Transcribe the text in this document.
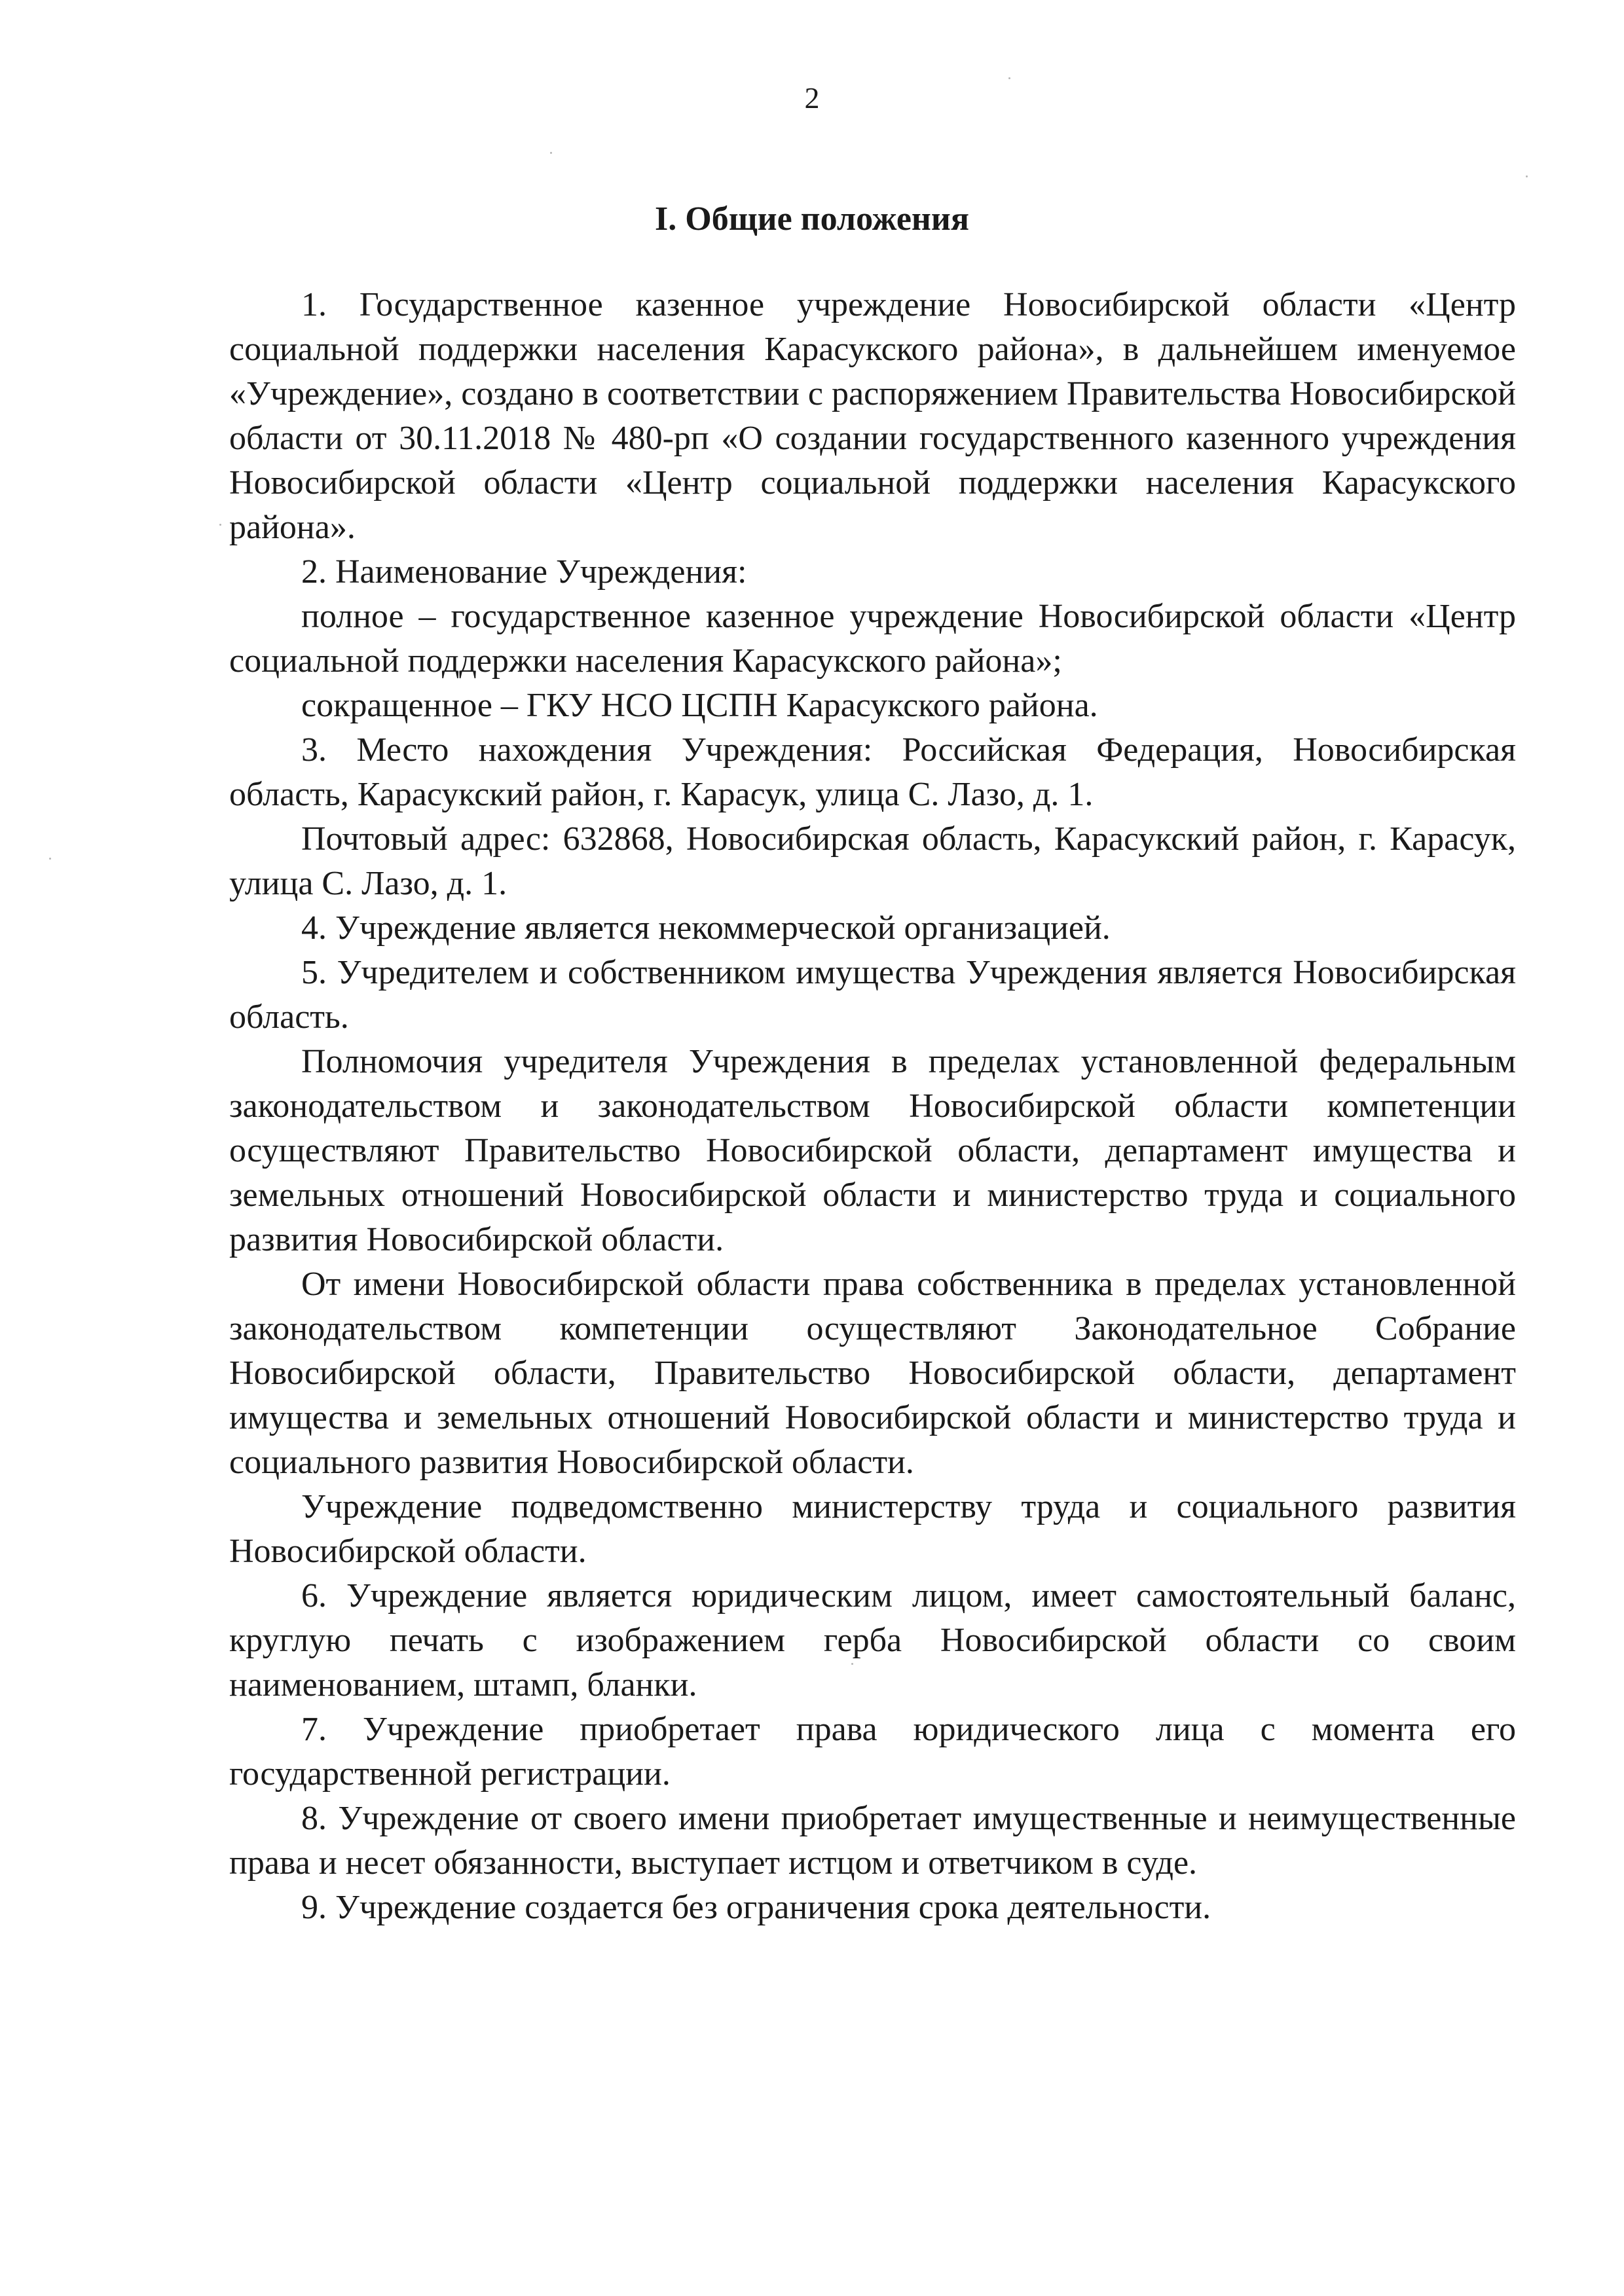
2
I. Общие положения

1. Государственное казенное учреждение Новосибирской области «Центр социальной поддержки населения Карасукского района», в дальнейшем именуемое «Учреждение», создано в соответствии с распоряжением Правительства Новосибирской области от 30.11.2018 № 480-рп «О создании государственного казенного учреждения Новосибирской области «Центр социальной поддержки населения Карасукского района».

2. Наименование Учреждения:

полное – государственное казенное учреждение Новосибирской области «Центр социальной поддержки населения Карасукского района»;

сокращенное – ГКУ НСО ЦСПН Карасукского района.

3. Место нахождения Учреждения: Российская Федерация, Новосибирская область, Карасукский район, г. Карасук, улица С. Лазо, д. 1.

Почтовый адрес: 632868, Новосибирская область, Карасукский район, г. Карасук, улица С. Лазо, д. 1.

4. Учреждение является некоммерческой организацией.

5. Учредителем и собственником имущества Учреждения является Новосибирская область.

Полномочия учредителя Учреждения в пределах установленной федеральным законодательством и законодательством Новосибирской области компетенции осуществляют Правительство Новосибирской области, департамент имущества и земельных отношений Новосибирской области и министерство труда и социального развития Новосибирской области.

От имени Новосибирской области права собственника в пределах установленной законодательством компетенции осуществляют Законодательное Собрание Новосибирской области, Правительство Новосибирской области, департамент имущества и земельных отношений Новосибирской области и министерство труда и социального развития Новосибирской области.

Учреждение подведомственно министерству труда и социального развития Новосибирской области.

6. Учреждение является юридическим лицом, имеет самостоятельный баланс, круглую печать с изображением герба Новосибирской области со своим наименованием, штамп, бланки.

7. Учреждение приобретает права юридического лица с момента его государственной регистрации.

8. Учреждение от своего имени приобретает имущественные и неимущественные права и несет обязанности, выступает истцом и ответчиком в суде.

9. Учреждение создается без ограничения срока деятельности.
